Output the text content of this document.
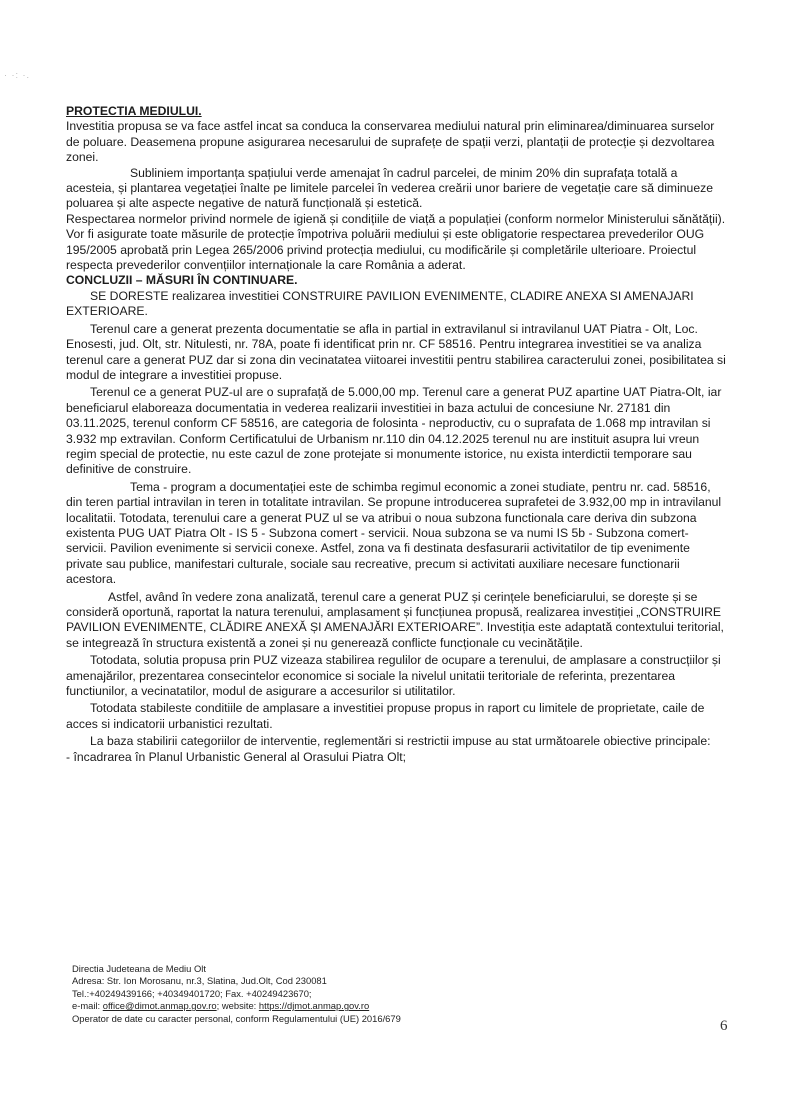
· ·: ·.

PROTECTIA MEDIULUI.

Investitia propusa se va face astfel incat sa conduca la conservarea mediului natural prin eliminarea/diminuarea surselor de poluare. Deasemena propune asigurarea necesarului de suprafețe de spații verzi, plantații de protecție și dezvoltarea zonei.

Subliniem importanța spațiului verde amenajat în cadrul parcelei, de minim 20% din suprafața totală a acesteia, și plantarea vegetației înalte pe limitele parcelei în vederea creării unor bariere de vegetație care să diminueze poluarea și alte aspecte negative de natură funcțională și estetică.

Respectarea normelor privind normele de igienă și condițiile de viață a populației (conform normelor Ministerului sănătății).

Vor fi asigurate toate măsurile de protecție împotriva poluării mediului și este obligatorie respectarea prevederilor OUG 195/2005 aprobată prin Legea 265/2006 privind protecția mediului, cu modificările și completările ulterioare. Proiectul respecta prevederilor convențiilor internaționale la care România a aderat.

CONCLUZII – MĂSURI ÎN CONTINUARE.

SE DORESTE realizarea investitiei CONSTRUIRE PAVILION EVENIMENTE, CLADIRE ANEXA SI AMENAJARI EXTERIOARE.

Terenul care a generat prezenta documentatie se afla in partial in extravilanul si intravilanul UAT Piatra - Olt, Loc. Enosesti, jud. Olt, str. Nitulesti, nr. 78A, poate fi identificat prin nr. CF 58516. Pentru integrarea investitiei se va analiza terenul care a generat PUZ dar si zona din vecinatatea viitoarei investitii pentru stabilirea caracterului zonei, posibilitatea si modul de integrare a investitiei propuse.

Terenul ce a generat PUZ-ul are o suprafață de 5.000,00 mp. Terenul care a generat PUZ apartine UAT Piatra-Olt, iar beneficiarul elaboreaza documentatia in vederea realizarii investitiei in baza actului de concesiune Nr. 27181 din 03.11.2025, terenul conform CF 58516, are categoria de folosinta - neproductiv, cu o suprafata de 1.068 mp intravilan si 3.932 mp extravilan. Conform Certificatului de Urbanism nr.110 din 04.12.2025 terenul nu are instituit asupra lui vreun regim special de protectie, nu este cazul de zone protejate si monumente istorice, nu exista interdictii temporare sau definitive de construire.

Tema - program a documentației este de schimba regimul economic a zonei studiate, pentru nr. cad. 58516, din teren partial intravilan in teren in totalitate intravilan. Se propune introducerea suprafetei de 3.932,00 mp in intravilanul localitatii. Totodata, terenului care a generat PUZ ul se va atribui o noua subzona functionala care deriva din subzona existenta PUG UAT Piatra Olt - IS 5 - Subzona comert - servicii. Noua subzona se va numi IS 5b - Subzona comert-servicii. Pavilion evenimente si servicii conexe. Astfel, zona va fi destinata desfasurarii activitatilor de tip evenimente private sau publice, manifestari culturale, sociale sau recreative, precum si activitati auxiliare necesare functionarii acestora.

Astfel, având în vedere zona analizată, terenul care a generat PUZ și cerințele beneficiarului, se dorește și se consideră oportună, raportat la natura terenului, amplasament și funcțiunea propusă, realizarea investiției „CONSTRUIRE PAVILION EVENIMENTE, CLĂDIRE ANEXĂ ȘI AMENAJĂRI EXTERIOARE”. Investiția este adaptată contextului teritorial, se integrează în structura existentă a zonei și nu generează conflicte funcționale cu vecinătățile.

Totodata, solutia propusa prin PUZ vizeaza stabilirea regulilor de ocupare a terenului, de amplasare a construcțiilor și amenajărilor, prezentarea consecintelor economice si sociale la nivelul unitatii teritoriale de referinta, prezentarea functiunilor, a vecinatatilor, modul de asigurare a accesurilor si utilitatilor.

Totodata stabileste conditiile de amplasare a investitiei propuse propus in raport cu limitele de proprietate, caile de acces si indicatorii urbanistici rezultati.

La baza stabilirii categoriilor de interventie, reglementări si restrictii impuse au stat următoarele obiective principale:

- încadrarea în Planul Urbanistic General al Orasului Piatra Olt;

Directia Judeteana de Mediu Olt

Adresa: Str. Ion Morosanu, nr.3, Slatina, Jud.Olt, Cod 230081

Tel.:+40249439166; +40349401720; Fax. +40249423670;

e-mail: office@dimot.anmap.gov.ro; website: https://djmot.anmap.gov.ro

Operator de date cu caracter personal, conform Regulamentului (UE) 2016/679	6
